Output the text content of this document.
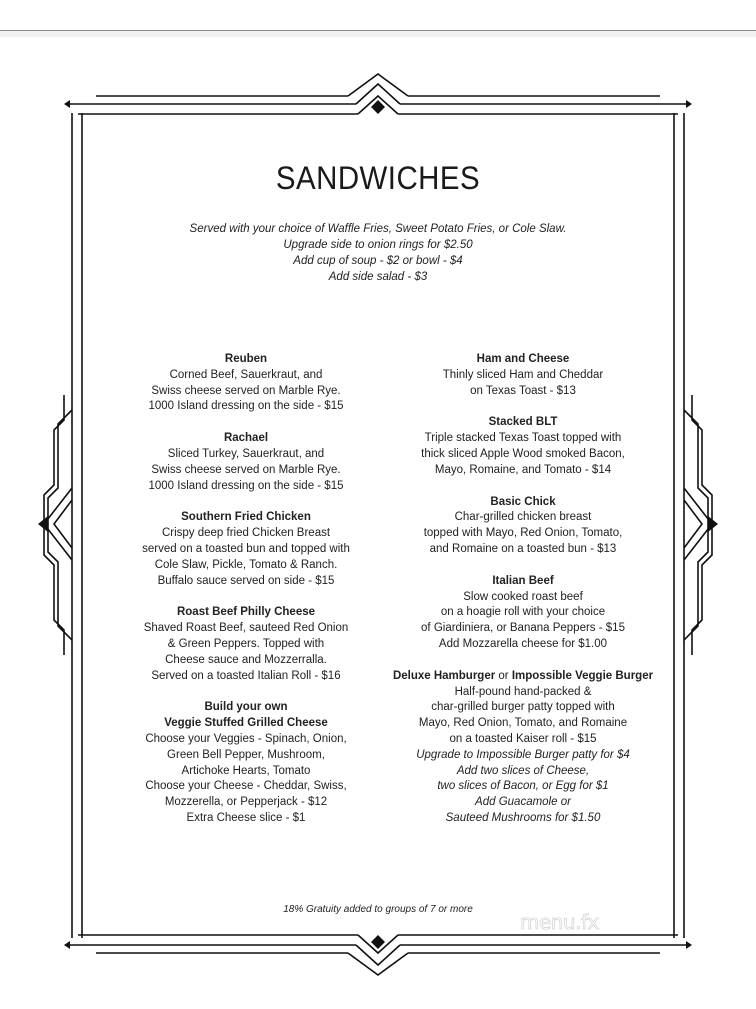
SANDWICHES
Served with your choice of Waffle Fries, Sweet Potato Fries, or Cole Slaw.
Upgrade side to onion rings for $2.50
Add cup of soup - $2 or bowl - $4
Add side salad - $3
Reuben
Corned Beef, Sauerkraut, and
Swiss cheese served on Marble Rye.
1000 Island dressing on the side - $15
Rachael
Sliced Turkey, Sauerkraut, and
Swiss cheese served on Marble Rye.
1000 Island dressing on the side - $15
Southern Fried Chicken
Crispy deep fried Chicken Breast
served on a toasted bun and topped with
Cole Slaw, Pickle, Tomato & Ranch.
Buffalo sauce served on side - $15
Roast Beef Philly Cheese
Shaved Roast Beef, sauteed Red Onion
& Green Peppers. Topped with
Cheese sauce and Mozzerralla.
Served on a toasted Italian Roll - $16
Build your own
Veggie Stuffed Grilled Cheese
Choose your Veggies - Spinach, Onion,
Green Bell Pepper, Mushroom,
Artichoke Hearts, Tomato
Choose your Cheese - Cheddar, Swiss,
Mozzerella, or Pepperjack - $12
Extra Cheese slice - $1
Ham and Cheese
Thinly sliced Ham and Cheddar
on Texas Toast - $13
Stacked BLT
Triple stacked Texas Toast topped with
thick sliced Apple Wood smoked Bacon,
Mayo, Romaine, and Tomato - $14
Basic Chick
Char-grilled chicken breast
topped with Mayo, Red Onion, Tomato,
and Romaine on a toasted bun - $13
Italian Beef
Slow cooked roast beef
on a hoagie roll with your choice
of Giardiniera, or Banana Peppers - $15
Add Mozzarella cheese for $1.00
Deluxe Hamburger or Impossible Veggie Burger
Half-pound hand-packed &
char-grilled burger patty topped with
Mayo, Red Onion, Tomato, and Romaine
on a toasted Kaiser roll - $15
Upgrade to Impossible Burger patty for $4
Add two slices of Cheese,
two slices of Bacon, or Egg for $1
Add Guacamole or
Sauteed Mushrooms for $1.50
18% Gratuity added to groups of 7 or more
menu.fx
